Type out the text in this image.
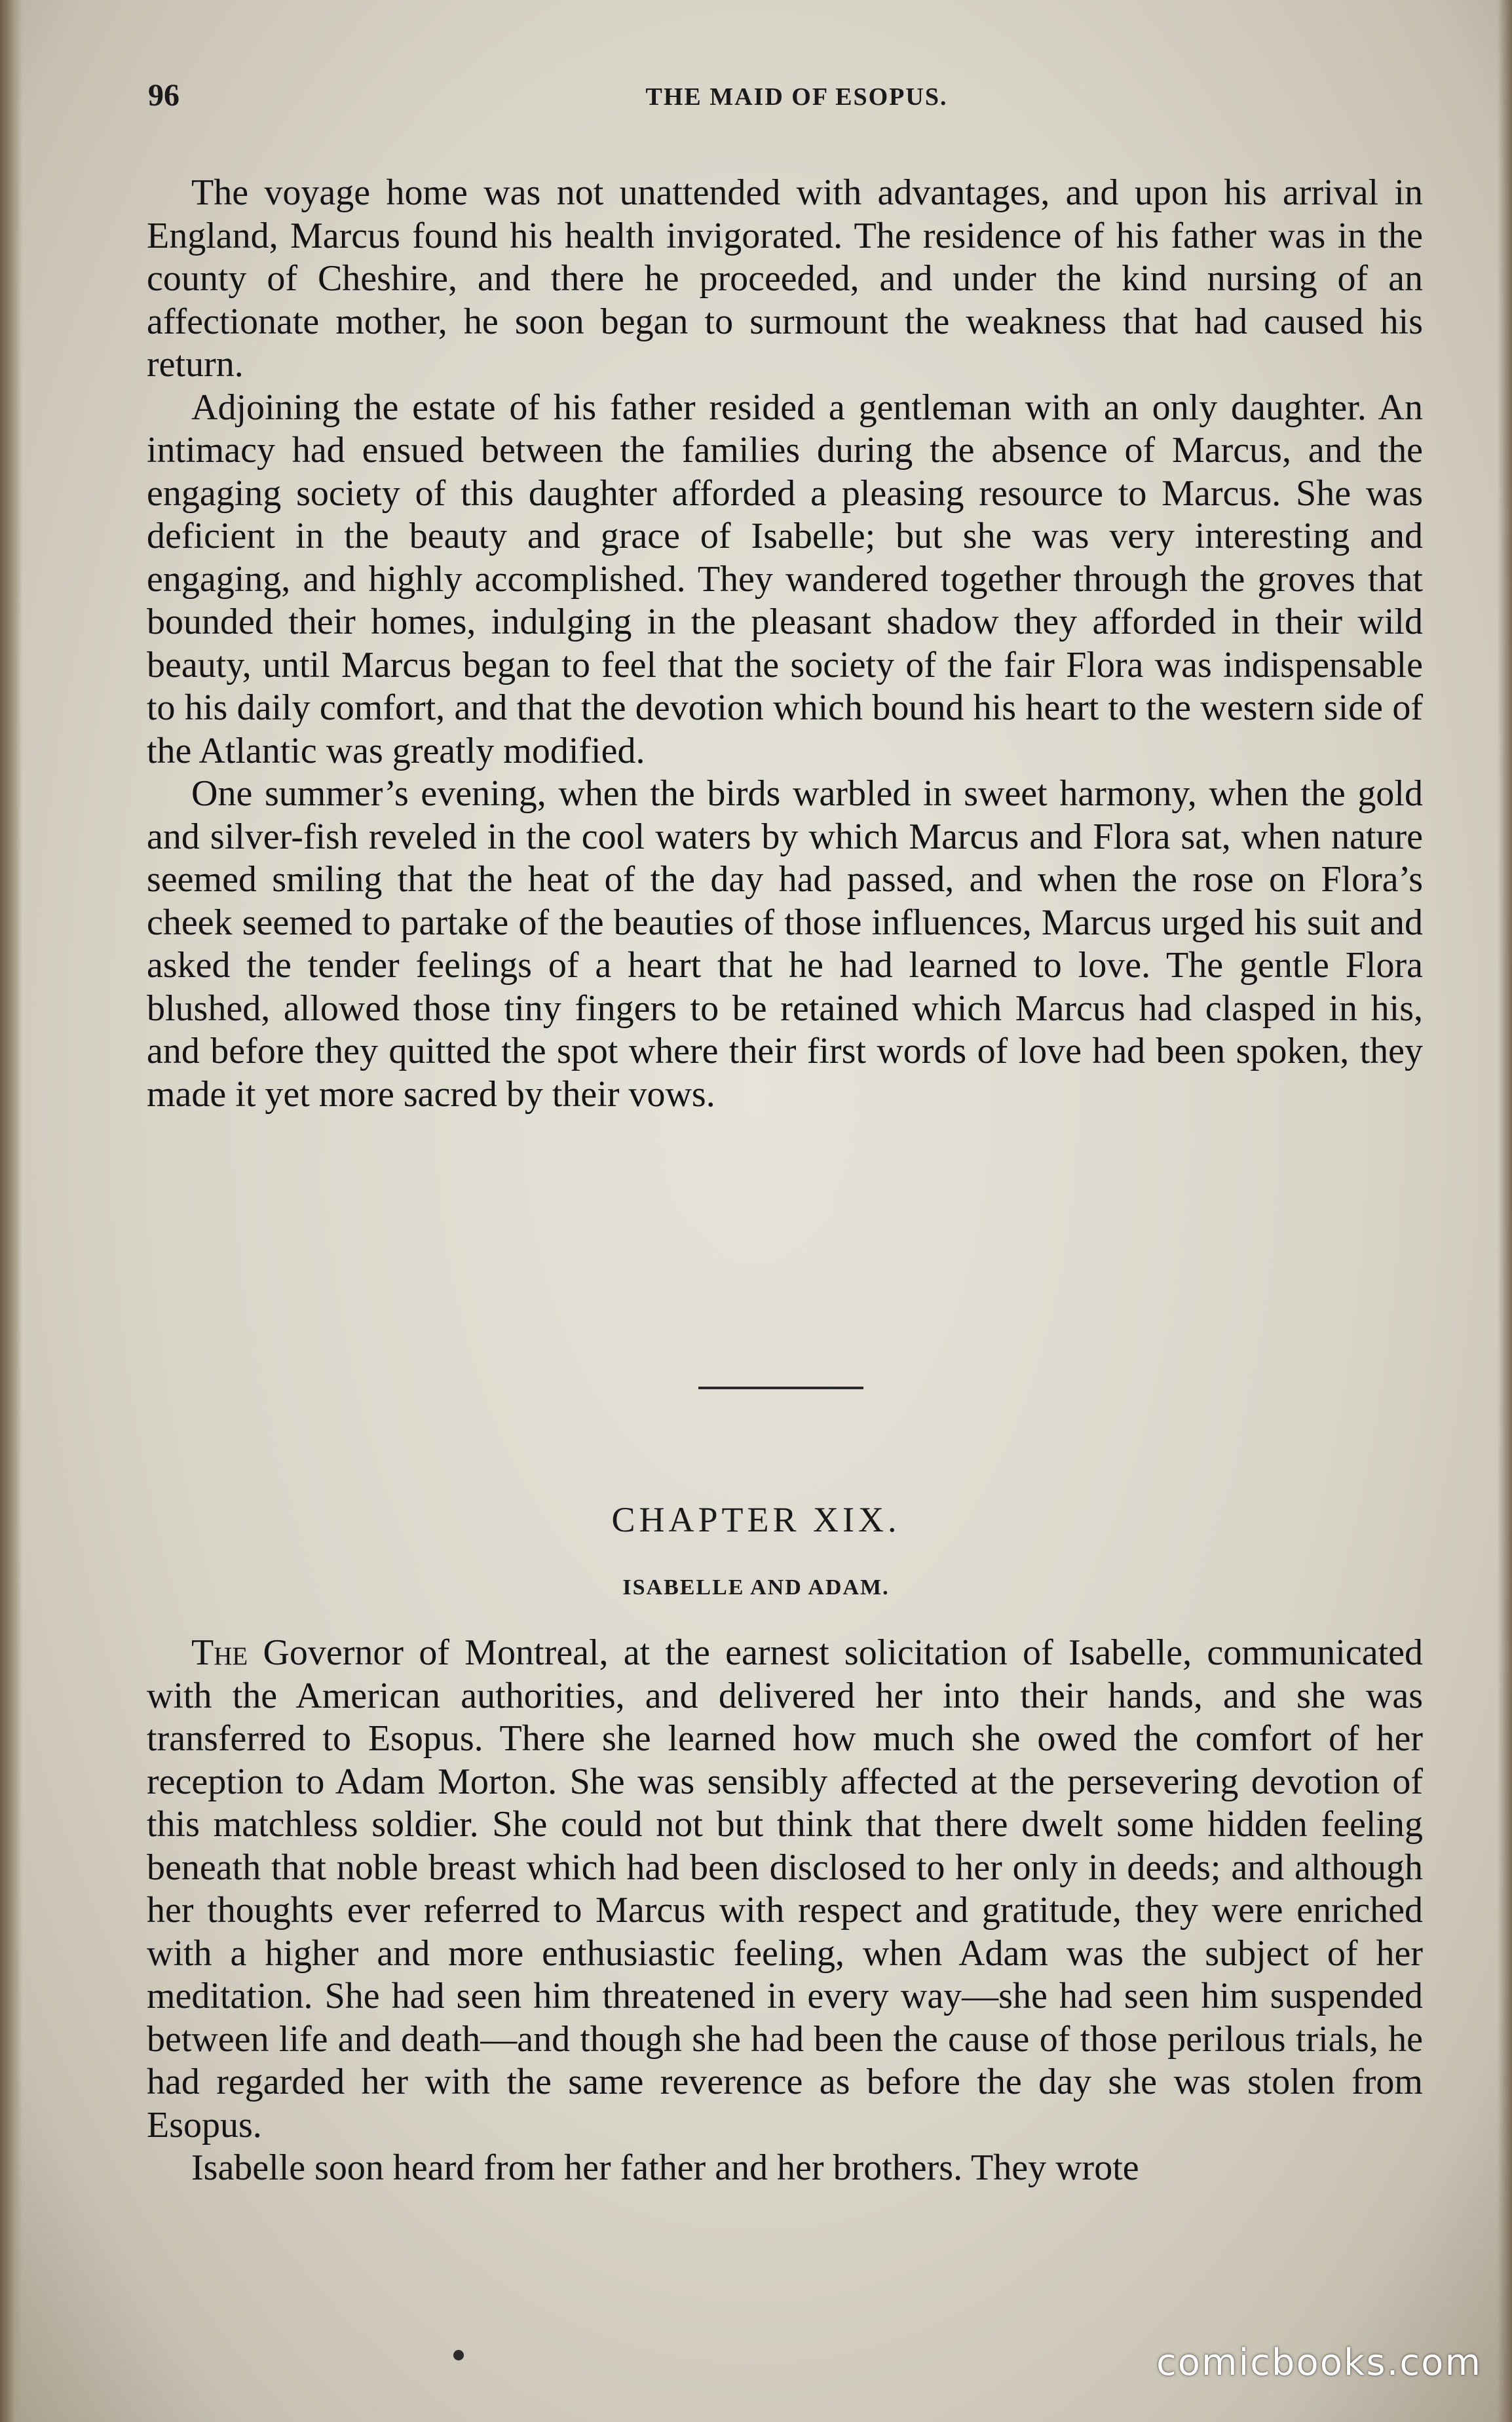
96	THE MAID OF ESOPUS.

The voyage home was not unattended with advantages, and upon his arrival in England, Marcus found his health invigorated. The residence of his father was in the county of Cheshire, and there he proceeded, and under the kind nursing of an affectionate mother, he soon began to surmount the weakness that had caused his return.

Adjoining the estate of his father resided a gentleman with an only daughter. An intimacy had ensued between the families during the absence of Marcus, and the engaging society of this daughter afforded a pleasing resource to Marcus. She was deficient in the beauty and grace of Isabelle; but she was very interesting and engaging, and highly accomplished. They wandered together through the groves that bounded their homes, indulging in the pleasant shadow they afforded in their wild beauty, until Marcus began to feel that the society of the fair Flora was indispensable to his daily comfort, and that the devotion which bound his heart to the western side of the Atlantic was greatly modified.

One summer’s evening, when the birds warbled in sweet harmony, when the gold and silver-fish reveled in the cool waters by which Marcus and Flora sat, when nature seemed smiling that the heat of the day had passed, and when the rose on Flora’s cheek seemed to partake of the beauties of those influences, Marcus urged his suit and asked the tender feelings of a heart that he had learned to love. The gentle Flora blushed, allowed those tiny fingers to be retained which Marcus had clasped in his, and before they quitted the spot where their first words of love had been spoken, they made it yet more sacred by their vows.

CHAPTER XIX.
ISABELLE AND ADAM.

The Governor of Montreal, at the earnest solicitation of Isabelle, communicated with the American authorities, and delivered her into their hands, and she was transferred to Esopus. There she learned how much she owed the comfort of her reception to Adam Morton. She was sensibly affected at the persevering devotion of this matchless soldier. She could not but think that there dwelt some hidden feeling beneath that noble breast which had been disclosed to her only in deeds; and although her thoughts ever referred to Marcus with respect and gratitude, they were enriched with a higher and more enthusiastic feeling, when Adam was the subject of her meditation. She had seen him threatened in every way—she had seen him suspended between life and death—and though she had been the cause of those perilous trials, he had regarded her with the same reverence as before the day she was stolen from Esopus.

Isabelle soon heard from her father and her brothers. They wrote

comicbooks.com
